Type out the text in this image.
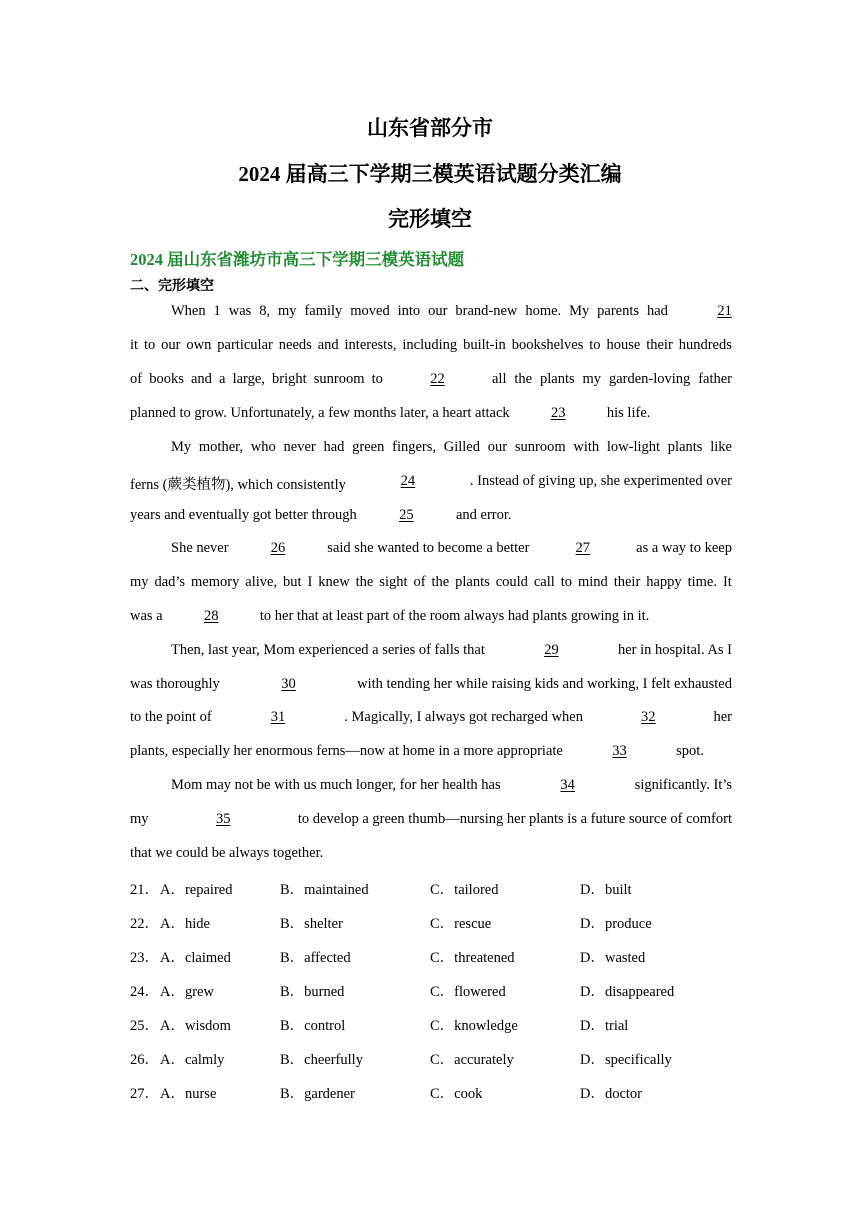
山东省部分市
2024 届高三下学期三模英语试题分类汇编
完形填空
2024 届山东省潍坊市高三下学期三模英语试题
二、完形填空
When 1 was 8, my family moved into our brand-new home. My parents had	21
it to our own particular needs and interests, including built-in bookshelves to house their hundreds
of books and a large, bright sunroom to	22	all the plants my garden-loving father
planned to grow. Unfortunately, a few months later, a heart attack	23	his life.
My mother, who never had green fingers, Gilled our sunroom with low-light plants like
ferns (蕨类植物), which consistently	24	. Instead of giving up, she experimented over
years and eventually got better through	25	and error.
She never	26	said she wanted to become a better	27	as a way to keep
my dad’s memory alive, but I knew the sight of the plants could call to mind their happy time. It
was a	28	to her that at least part of the room always had plants growing in it.
Then, last year, Mom experienced a series of falls that	29	her in hospital. As I
was thoroughly	30	with tending her while raising kids and working, I felt exhausted
to the point of	31	. Magically, I always got recharged when	32	her
plants, especially her enormous ferns—now at home in a more appropriate	33	spot.
Mom may not be with us much longer, for her health has	34	significantly. It’s
my	35	to develop a green thumb—nursing her plants is a future source of comfort
that we could be always together.
21． A．repaired	B．maintained	C．tailored	D．built
22． A．hide	B．shelter	C．rescue	D．produce
23． A．claimed	B．affected	C．threatened	D．wasted
24． A．grew	B．burned	C．flowered	D．disappeared
25． A．wisdom	B．control	C．knowledge	D．trial
26． A．calmly	B．cheerfully	C．accurately	D．specifically
27． A．nurse	B．gardener	C．cook	D．doctor
